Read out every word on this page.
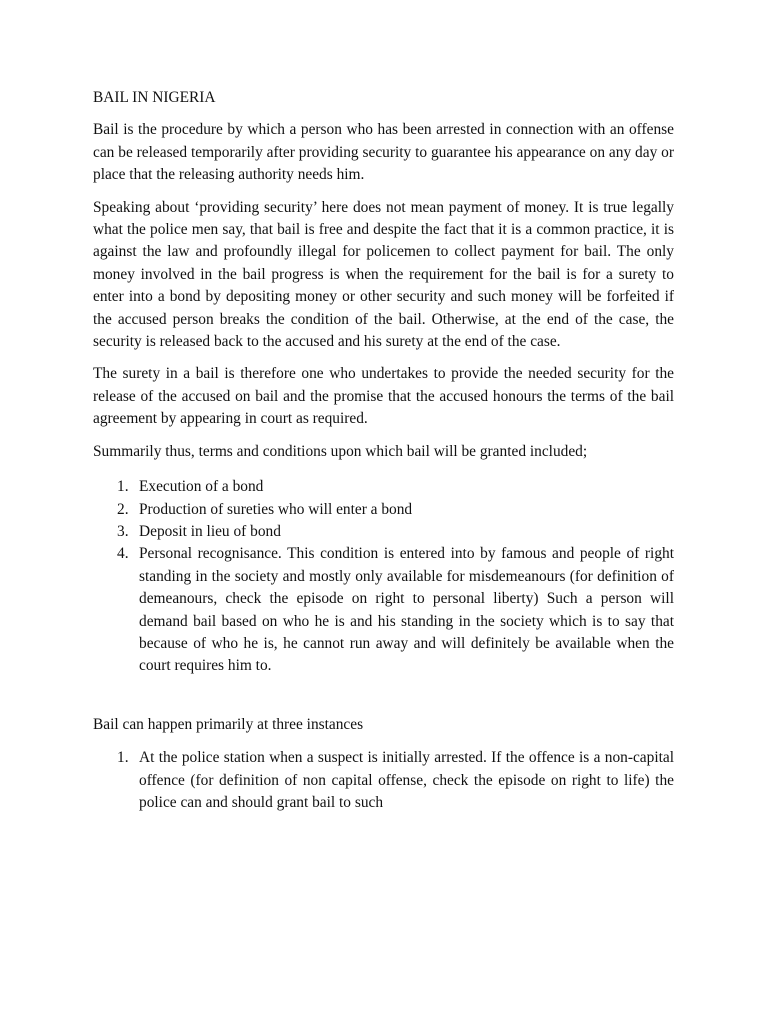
BAIL IN NIGERIA

Bail is the procedure by which a person who has been arrested in connection with an offense can be released temporarily after providing security to guarantee his appearance on any day or place that the releasing authority needs him.

Speaking about ‘providing security’ here does not mean payment of money. It is true legally what the police men say, that bail is free and despite the fact that it is a common practice, it is against the law and profoundly illegal for policemen to collect payment for bail. The only money involved in the bail progress is when the requirement for the bail is for a surety to enter into a bond by depositing money or other security and such money will be forfeited if the accused person breaks the condition of the bail. Otherwise, at the end of the case, the security is released back to the accused and his surety at the end of the case.

The surety in a bail is therefore one who undertakes to provide the needed security for the release of the accused on bail and the promise that the accused honours the terms of the bail agreement by appearing in court as required.

Summarily thus, terms and conditions upon which bail will be granted included;

1. Execution of a bond
2. Production of sureties who will enter a bond
3. Deposit in lieu of bond
4. Personal recognisance. This condition is entered into by famous and people of right standing in the society and mostly only available for misdemeanours (for definition of demeanours, check the episode on right to personal liberty) Such a person will demand bail based on who he is and his standing in the society which is to say that because of who he is, he cannot run away and will definitely be available when the court requires him to.

Bail can happen primarily at three instances

1. At the police station when a suspect is initially arrested. If the offence is a non-capital offence (for definition of non capital offense, check the episode on right to life) the police can and should grant bail to such
